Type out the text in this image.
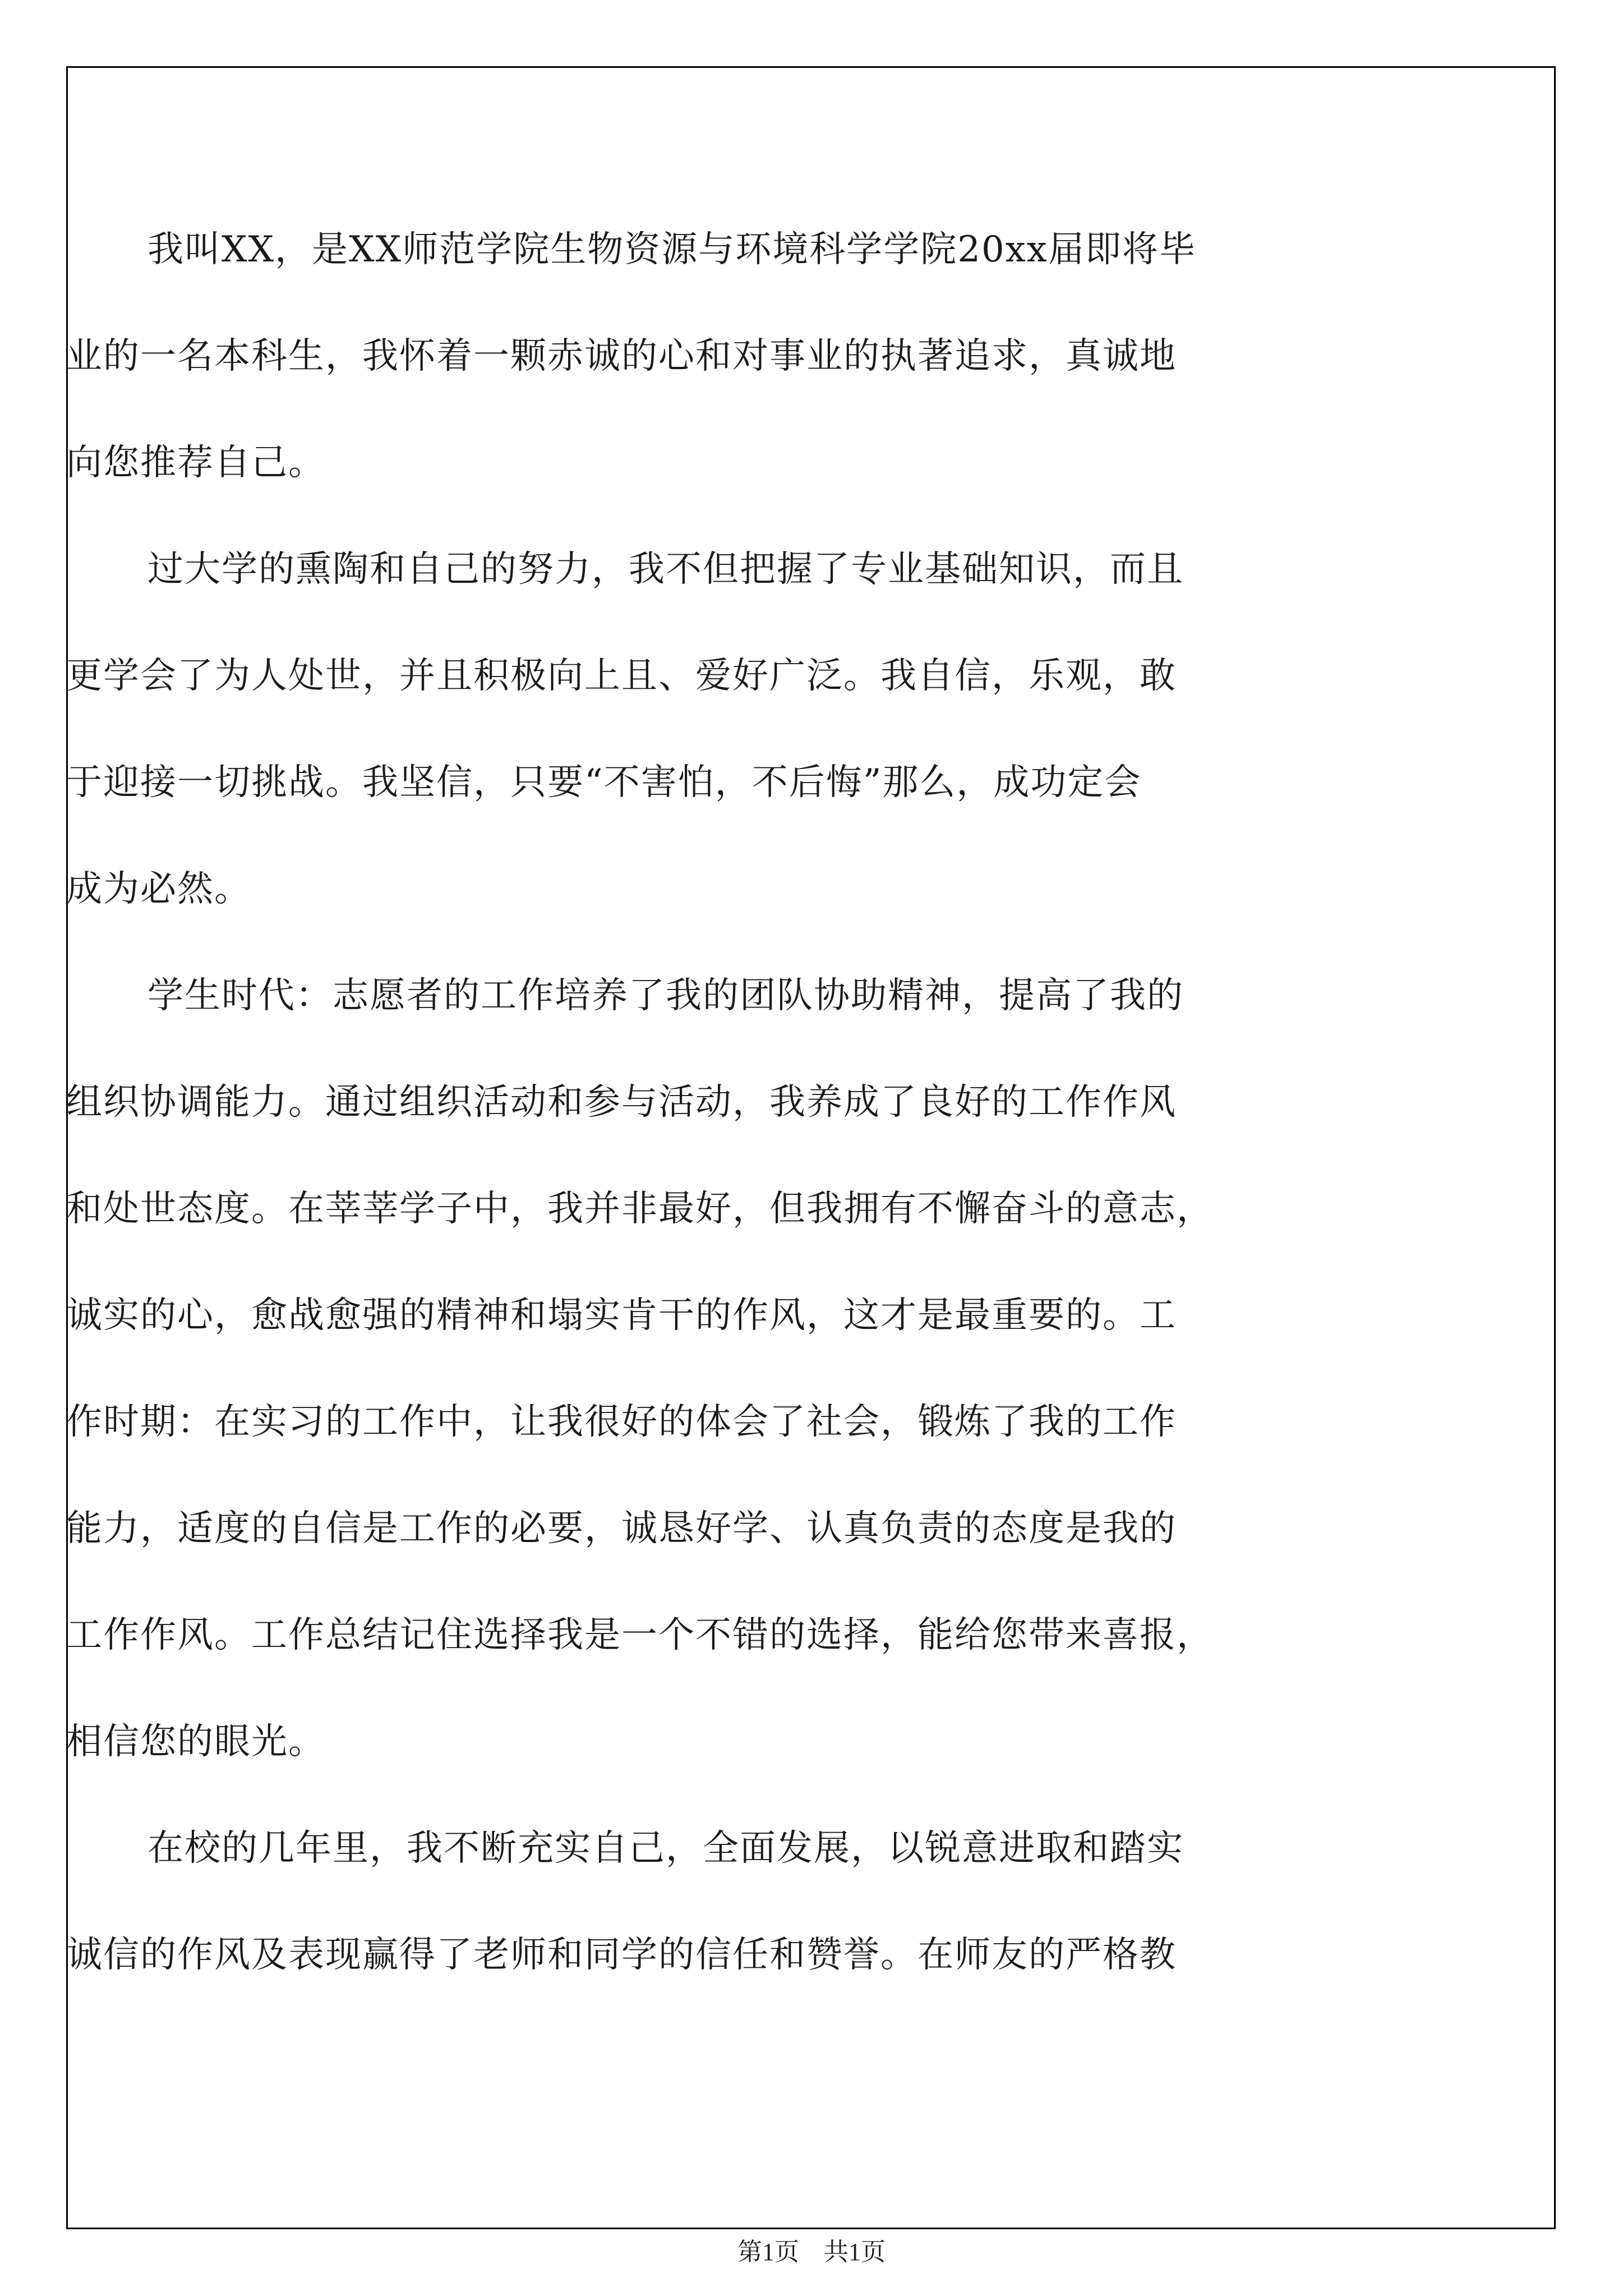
我叫XX，是XX师范学院生物资源与环境科学学院20xx届即将毕
业的一名本科生，我怀着一颗赤诚的心和对事业的执著追求，真诚地
向您推荐自己。
过大学的熏陶和自己的努力，我不但把握了专业基础知识，而且
更学会了为人处世，并且积极向上且、爱好广泛。我自信，乐观，敢
于迎接一切挑战。我坚信，只要“不害怕，不后悔”那么，成功定会
成为必然。
学生时代：志愿者的工作培养了我的团队协助精神，提高了我的
组织协调能力。通过组织活动和参与活动，我养成了良好的工作作风
和处世态度。在莘莘学子中，我并非最好，但我拥有不懈奋斗的意志，
诚实的心，愈战愈强的精神和塌实肯干的作风，这才是最重要的。工
作时期：在实习的工作中，让我很好的体会了社会，锻炼了我的工作
能力，适度的自信是工作的必要，诚恳好学、认真负责的态度是我的
工作作风。工作总结记住选择我是一个不错的选择，能给您带来喜报，
相信您的眼光。
在校的几年里，我不断充实自己，全面发展，以锐意进取和踏实
诚信的作风及表现赢得了老师和同学的信任和赞誉。在师友的严格教
第1页    共1页
